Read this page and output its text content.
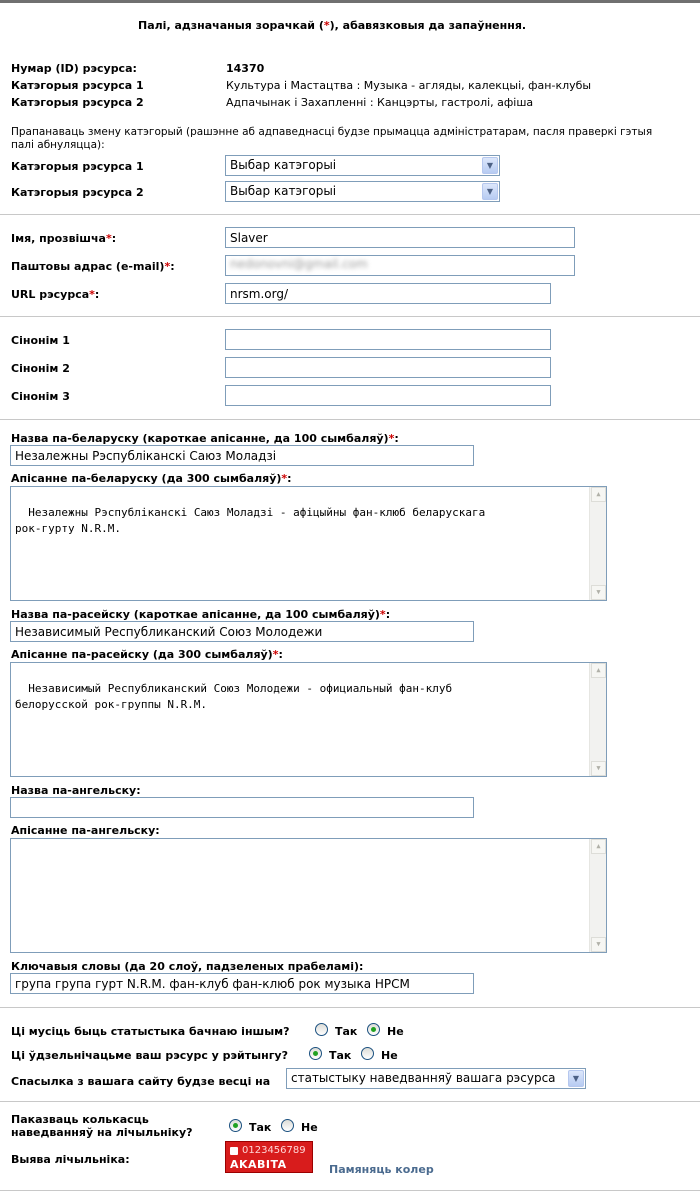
Палі, адзначаныя зорачкай (*), абавязковыя да запаўнення.
Нумар (ID) рэсурса:	14370
Катэгорыя рэсурса 1	Культура і Мастацтва : Музыка - агляды, калекцыі, фан-клубы
Катэгорыя рэсурса 2	Адпачынак і Захапленні : Канцэрты, гастролі, афіша
Прапанаваць змену катэгорый (рашэнне аб адпаведнасці будзе прымацца адміністратарам, пасля праверкі гэтыя
палі абнуляцца):
Катэгорыя рэсурса 1	Выбар катэгорыі	▼
Катэгорыя рэсурса 2	Выбар катэгорыі	▼
Імя, прозвішча*:
Slaver
Паштовы адрас (e-mail)*:	nedonovni@gmail.com
URL рэсурса*:
nrsm.org/
Сінонім 1
Сінонім 2
Сінонім 3
Назва па-беларуску (кароткае апісанне, да 100 сымбаляў)*:
Незалежны Рэспубліканскі Саюз Моладзі
Апісанне па-беларуску (да 300 сымбаляў)*:

Незалежны Рэспубліканскі Саюз Моладзі - афіцыйны фан-клюб беларускага
рок-гурту N.R.M.

▲

▼

Назва па-расейску (кароткае апісанне, да 100 сымбаляў)*:
Независимый Республиканский Союз Молодежи
Апісанне па-расейску (да 300 сымбаляў)*:

Независимый Республиканский Союз Молодежи - официальный фан-клуб
белорусской рок-группы N.R.M.

▲

▼

Назва па-ангельску:
Апісанне па-ангельску:

▲

▼

Ключавыя словы (да 20 слоў, падзеленых прабеламі):
група група гурт N.R.M. фан-клуб фан-клюб рок музыка НРСМ
Ці мусіць быць статыстыка бачнаю іншым?	Так	Не
Ці ўдзельнічацьме ваш рэсурс у рэйтынгу?	Так	Не
Спасылка з вашага сайту будзе весці на	статыстыку наведванняў вашага рэсурса	▼
Паказваць колькасць
наведванняў на лічыльніку?	Так	Не
Выява лічыльніка:
0123456789
AKABITA	Памяняць колер
